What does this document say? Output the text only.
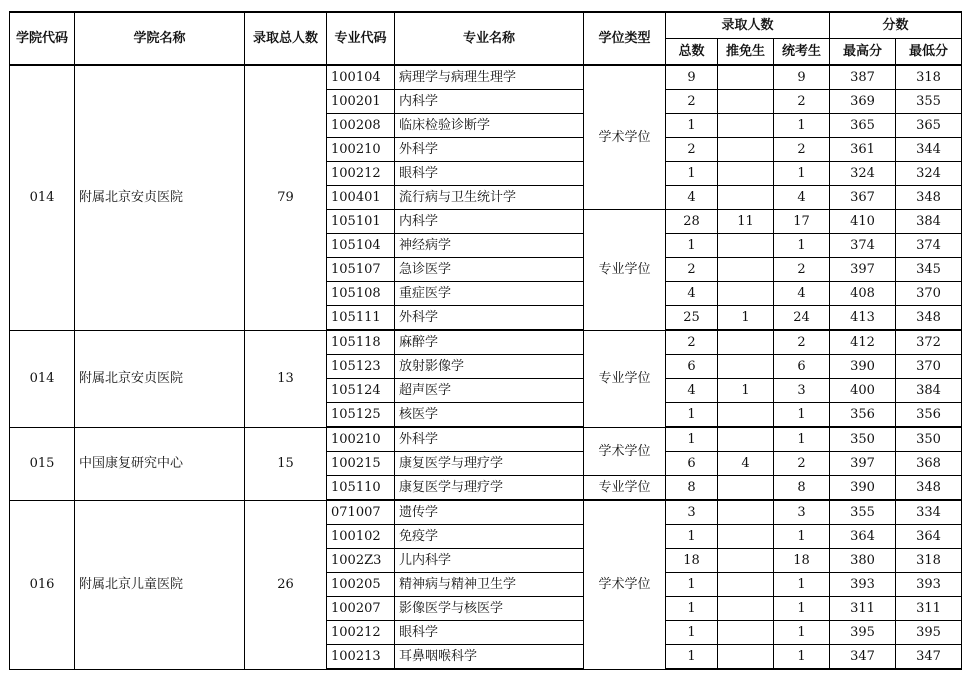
学院代码	学院名称	录取总人数	专业代码	专业名称	学位类型	录取人数			分数	
						总数	推免生	统考生	最高分	最低分
014	附属北京安贞医院	79	100104	病理学与病理生理学	学术学位	9		9	387	318
			100201	内科学		2		2	369	355
			100208	临床检验诊断学		1		1	365	365
			100210	外科学		2		2	361	344
			100212	眼科学		1		1	324	324
			100401	流行病与卫生统计学		4		4	367	348
			105101	内科学	专业学位	28	11	17	410	384
			105104	神经病学		1		1	374	374
			105107	急诊医学		2		2	397	345
			105108	重症医学		4		4	408	370
			105111	外科学		25	1	24	413	348
014	附属北京安贞医院	13	105118	麻醉学	专业学位	2		2	412	372
			105123	放射影像学		6		6	390	370
			105124	超声医学		4	1	3	400	384
			105125	核医学		1		1	356	356
015	中国康复研究中心	15	100210	外科学	学术学位	1		1	350	350
			100215	康复医学与理疗学		6	4	2	397	368
			105110	康复医学与理疗学	专业学位	8		8	390	348
016	附属北京儿童医院	26	071007	遗传学	学术学位	3		3	355	334
			100102	免疫学		1		1	364	364
			1002Z3	儿内科学		18		18	380	318
			100205	精神病与精神卫生学		1		1	393	393
			100207	影像医学与核医学		1		1	311	311
			100212	眼科学		1		1	395	395
			100213	耳鼻咽喉科学		1		1	347	347
